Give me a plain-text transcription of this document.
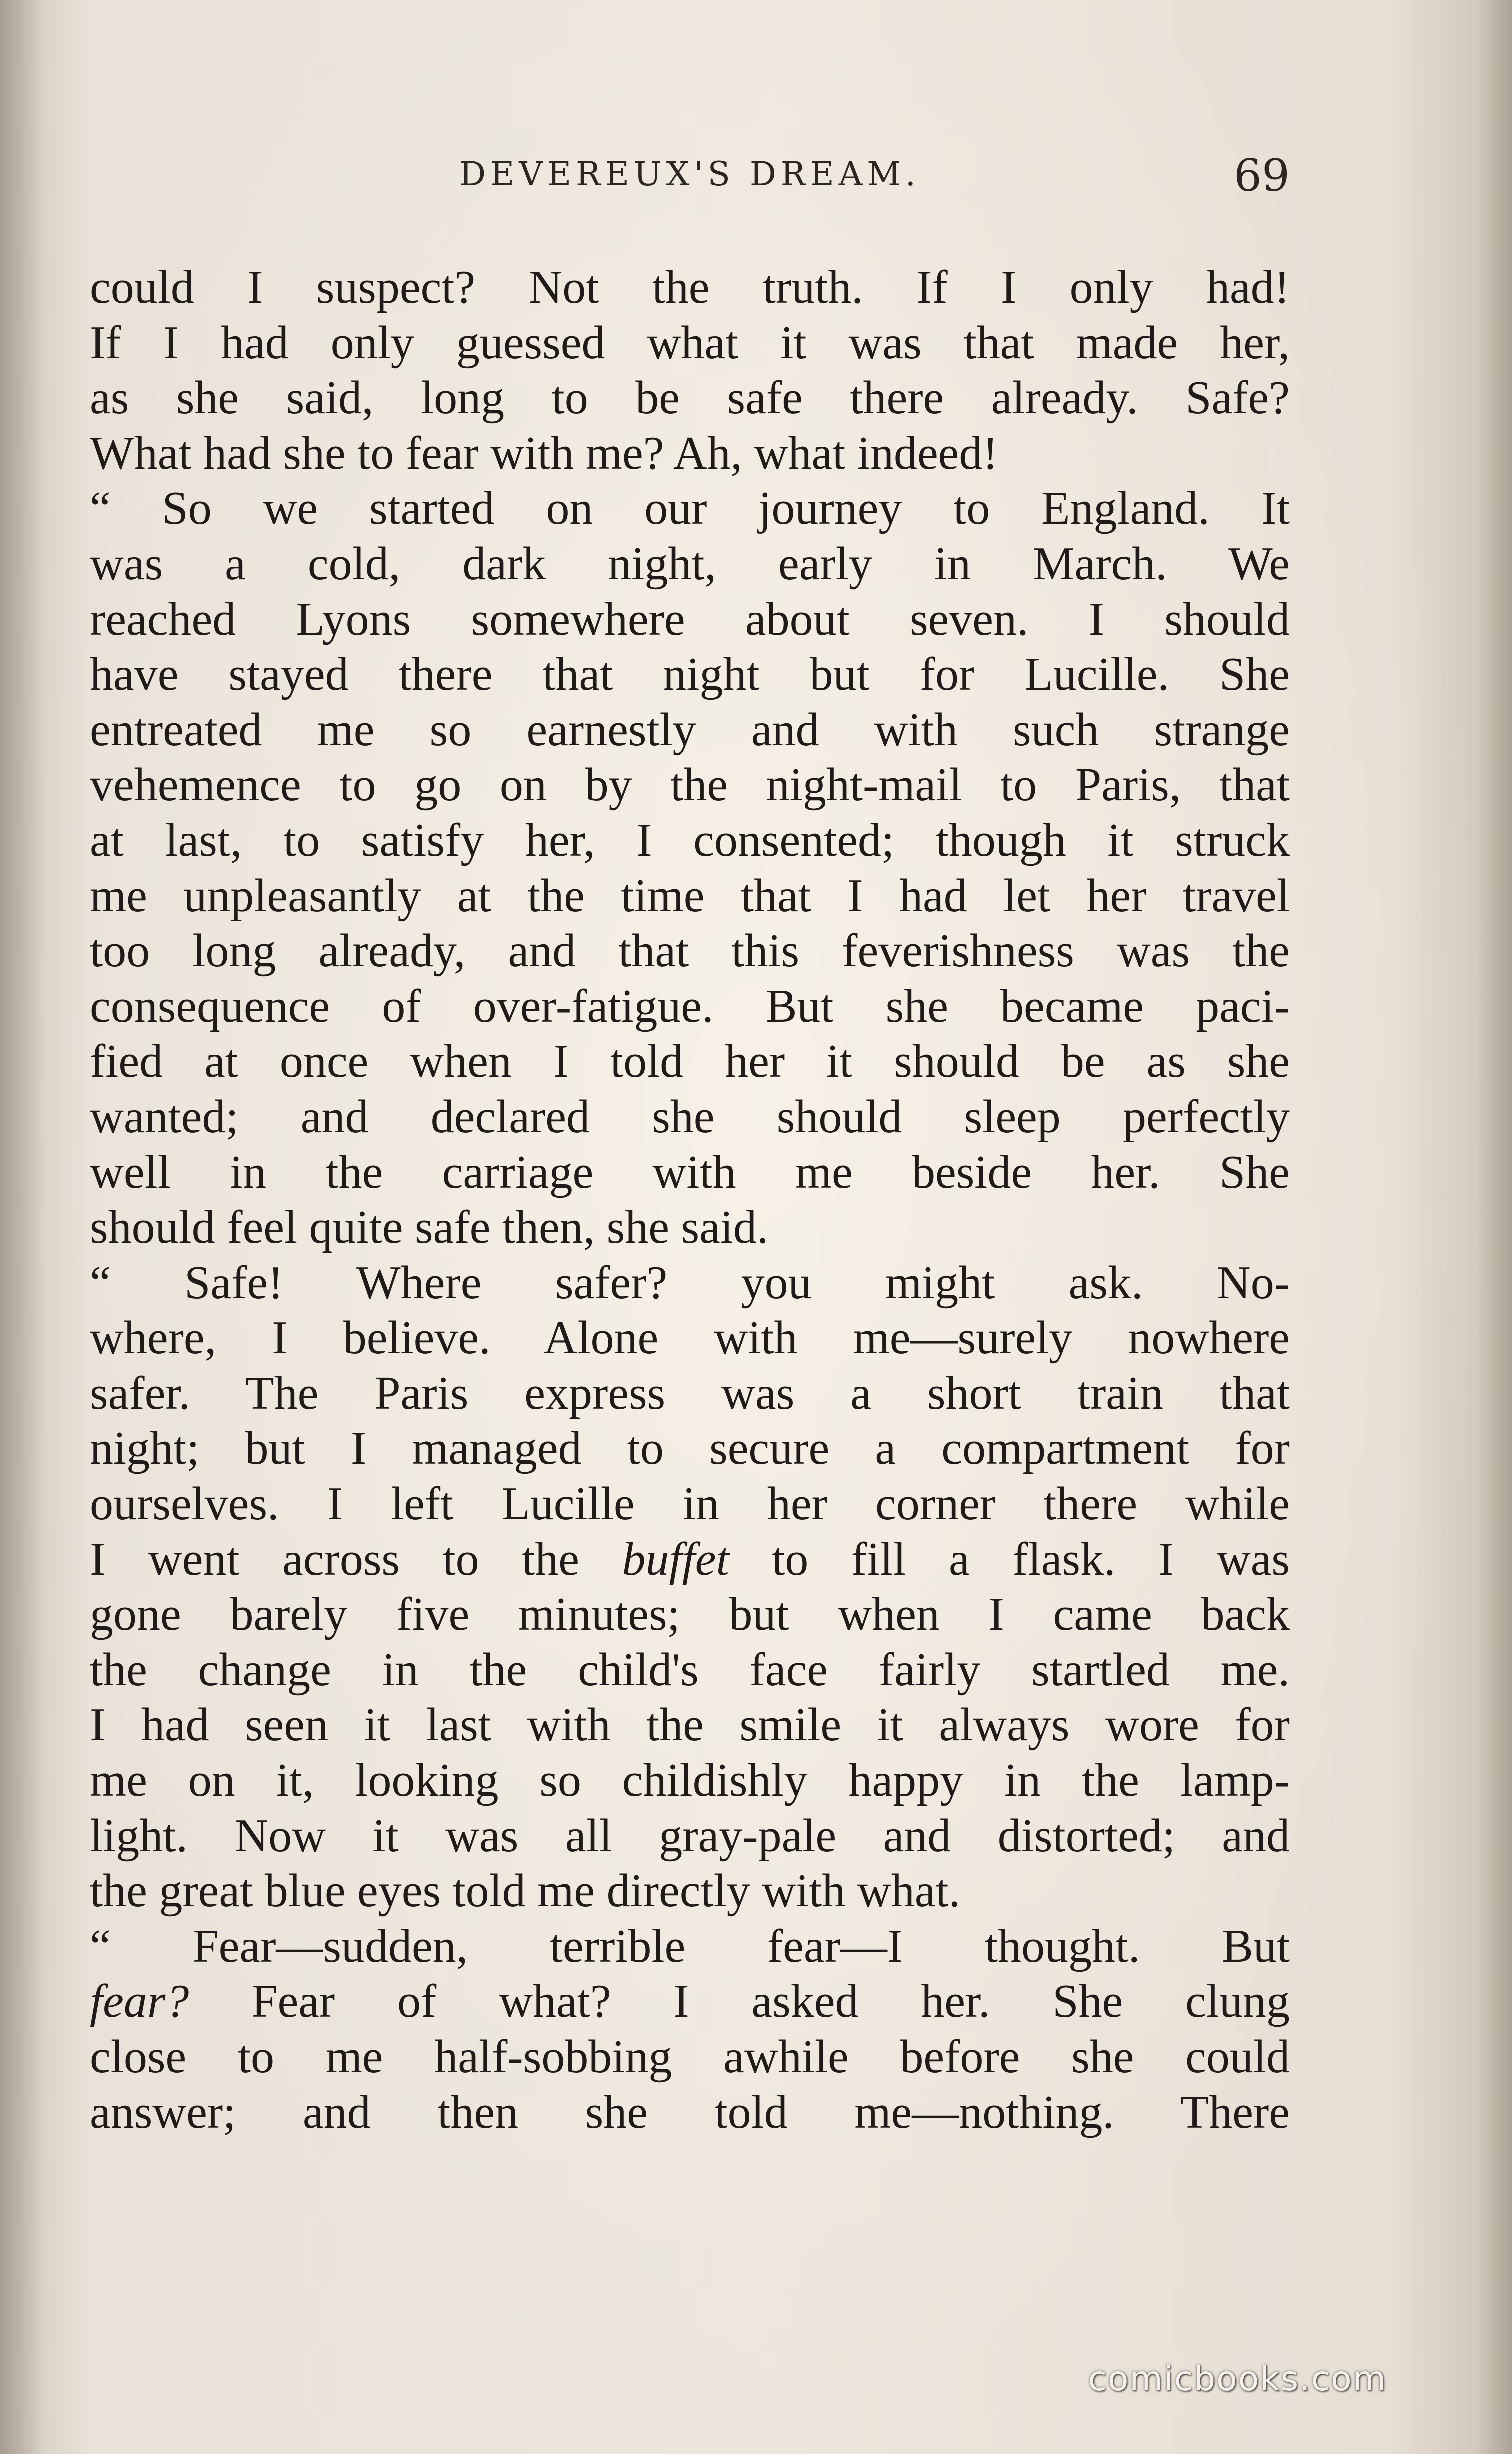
DEVEREUX'S DREAM.	69
could I suspect? Not the truth. If I only had!
If I had only guessed what it was that made her,
as she said, long to be safe there already. Safe?
What had she to fear with me? Ah, what indeed!
“ So we started on our journey to England. It
was a cold, dark night, early in March. We
reached Lyons somewhere about seven. I should
have stayed there that night but for Lucille. She
entreated me so earnestly and with such strange
vehemence to go on by the night-mail to Paris, that
at last, to satisfy her, I consented; though it struck
me unpleasantly at the time that I had let her travel
too long already, and that this feverishness was the
consequence of over-fatigue. But she became paci-
fied at once when I told her it should be as she
wanted; and declared she should sleep perfectly
well in the carriage with me beside her. She
should feel quite safe then, she said.
“ Safe! Where safer? you might ask. No-
where, I believe. Alone with me—surely nowhere
safer. The Paris express was a short train that
night; but I managed to secure a compartment for
ourselves. I left Lucille in her corner there while
I went across to the buffet to fill a flask. I was
gone barely five minutes; but when I came back
the change in the child's face fairly startled me.
I had seen it last with the smile it always wore for
me on it, looking so childishly happy in the lamp-
light. Now it was all gray-pale and distorted; and
the great blue eyes told me directly with what.
“ Fear—sudden, terrible fear—I thought. But
fear? Fear of what? I asked her. She clung
close to me half-sobbing awhile before she could
answer; and then she told me—nothing. There
comicbooks.com
